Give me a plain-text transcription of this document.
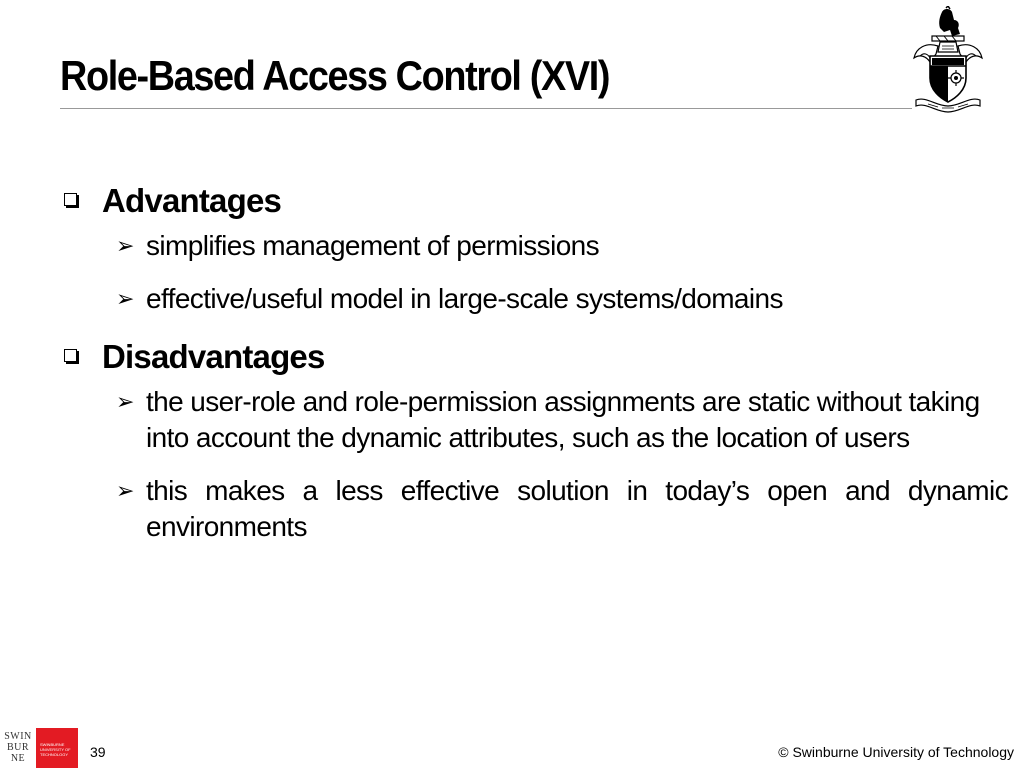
Role-Based Access Control (XVI)
Advantages
➢ simplifies management of permissions
➢ effective/useful model in large-scale systems/domains
Disadvantages
➢ the user-role and role-permission assignments are static without taking into account the dynamic attributes, such as the location of users
➢ this makes a less effective solution in today’s open and dynamic environments
SWIN
BUR
NE
SWINBURNE
UNIVERSITY OF
TECHNOLOGY	39	© Swinburne University of Technology
